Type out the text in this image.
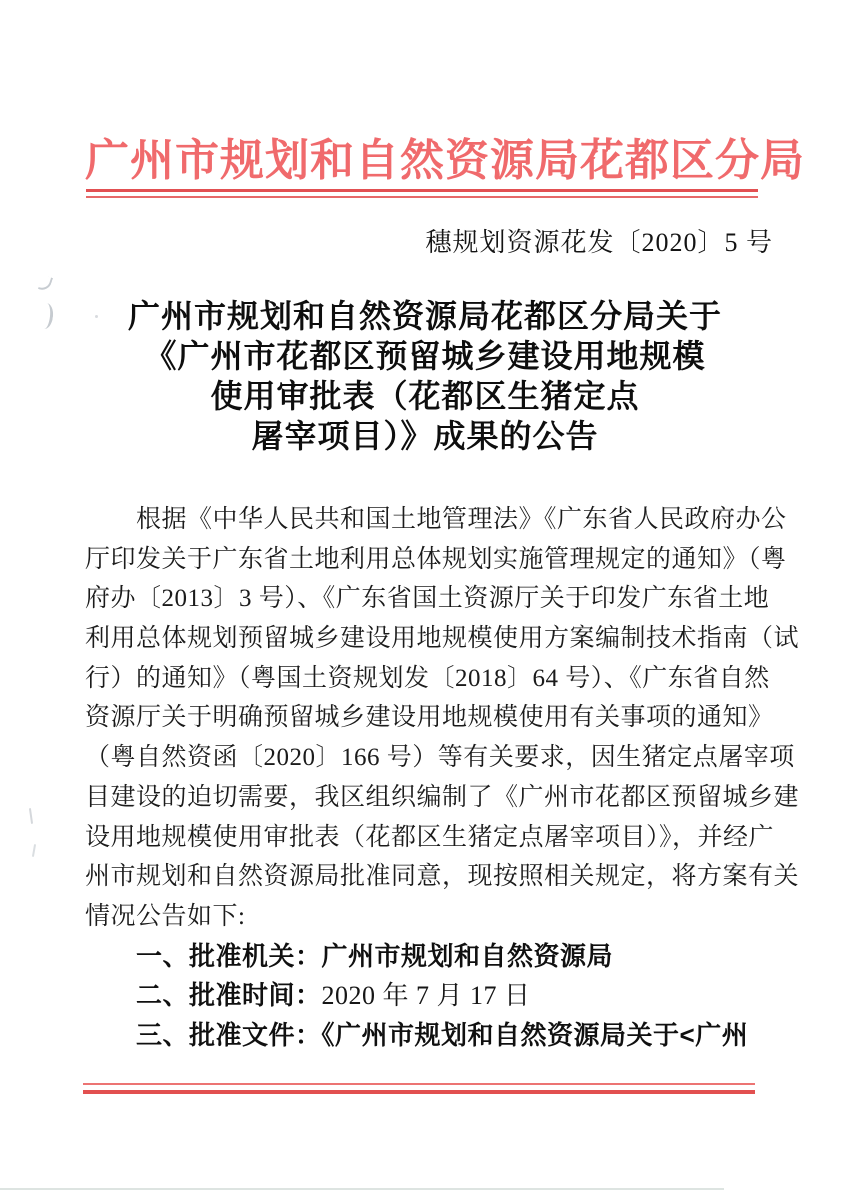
广州市规划和自然资源局花都区分局
穗规划资源花发〔2020〕5 号
广州市规划和自然资源局花都区分局关于
《广州市花都区预留城乡建设用地规模
使用审批表（花都区生猪定点
屠宰项目）》成果的公告
根据《中华人民共和国土地管理法》《广东省人民政府办公
厅印发关于广东省土地利用总体规划实施管理规定的通知》（粤
府办〔2013〕3 号）、《广东省国土资源厅关于印发广东省土地
利用总体规划预留城乡建设用地规模使用方案编制技术指南（试
行）的通知》（粤国土资规划发〔2018〕64 号）、《广东省自然
资源厅关于明确预留城乡建设用地规模使用有关事项的通知》
（粤自然资函〔2020〕166 号）等有关要求，因生猪定点屠宰项
目建设的迫切需要，我区组织编制了《广州市花都区预留城乡建
设用地规模使用审批表（花都区生猪定点屠宰项目）》，并经广
州市规划和自然资源局批准同意，现按照相关规定，将方案有关
情况公告如下:
一、批准机关：广州市规划和自然资源局
二、批准时间：2020 年 7 月 17 日
三、批准文件：《广州市规划和自然资源局关于<广州
